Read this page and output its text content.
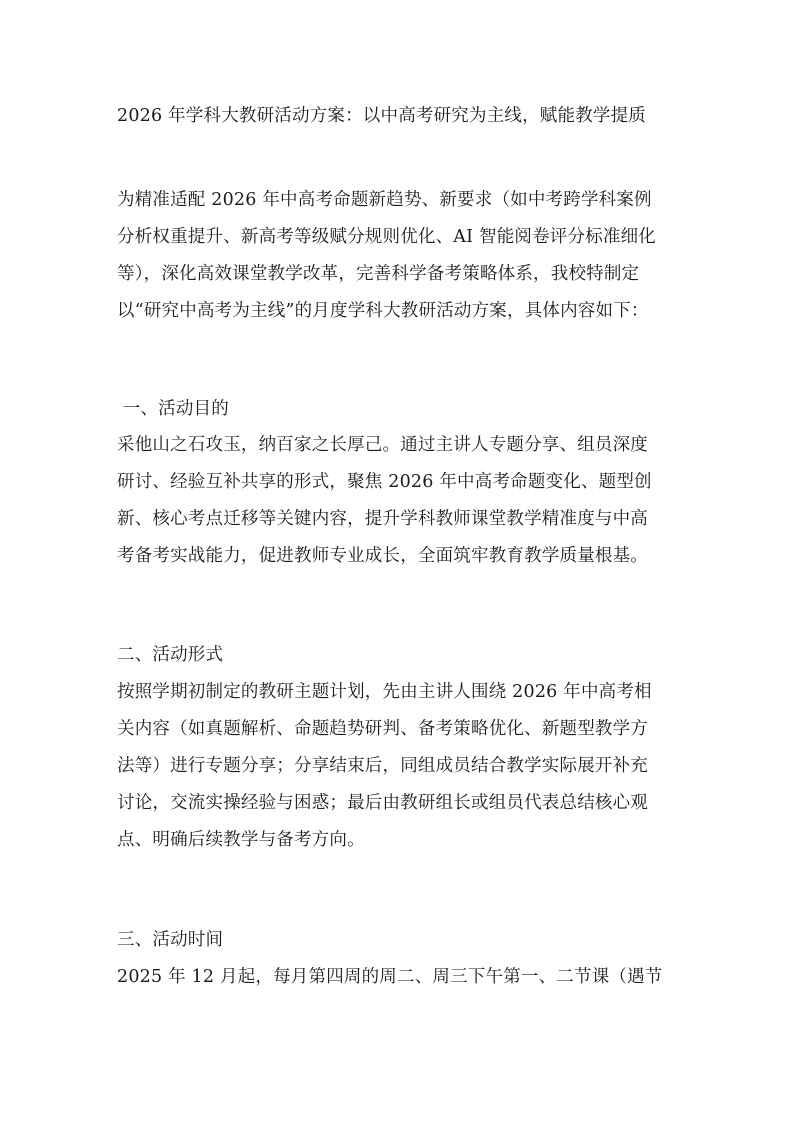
2026 年学科大教研活动方案：以中高考研究为主线，赋能教学提质
为精准适配 2026 年中高考命题新趋势、新要求（如中考跨学科案例
分析权重提升、新高考等级赋分规则优化、AI 智能阅卷评分标准细化
等），深化高效课堂教学改革，完善科学备考策略体系，我校特制定
以“研究中高考为主线”的月度学科大教研活动方案，具体内容如下：
一、活动目的
采他山之石攻玉，纳百家之长厚己。通过主讲人专题分享、组员深度
研讨、经验互补共享的形式，聚焦 2026 年中高考命题变化、题型创
新、核心考点迁移等关键内容，提升学科教师课堂教学精准度与中高
考备考实战能力，促进教师专业成长，全面筑牢教育教学质量根基。
二、活动形式
按照学期初制定的教研主题计划，先由主讲人围绕 2026 年中高考相
关内容（如真题解析、命题趋势研判、备考策略优化、新题型教学方
法等）进行专题分享；分享结束后，同组成员结合教学实际展开补充
讨论，交流实操经验与困惑；最后由教研组长或组员代表总结核心观
点、明确后续教学与备考方向。
三、活动时间
2025 年 12 月起，每月第四周的周二、周三下午第一、二节课（遇节
